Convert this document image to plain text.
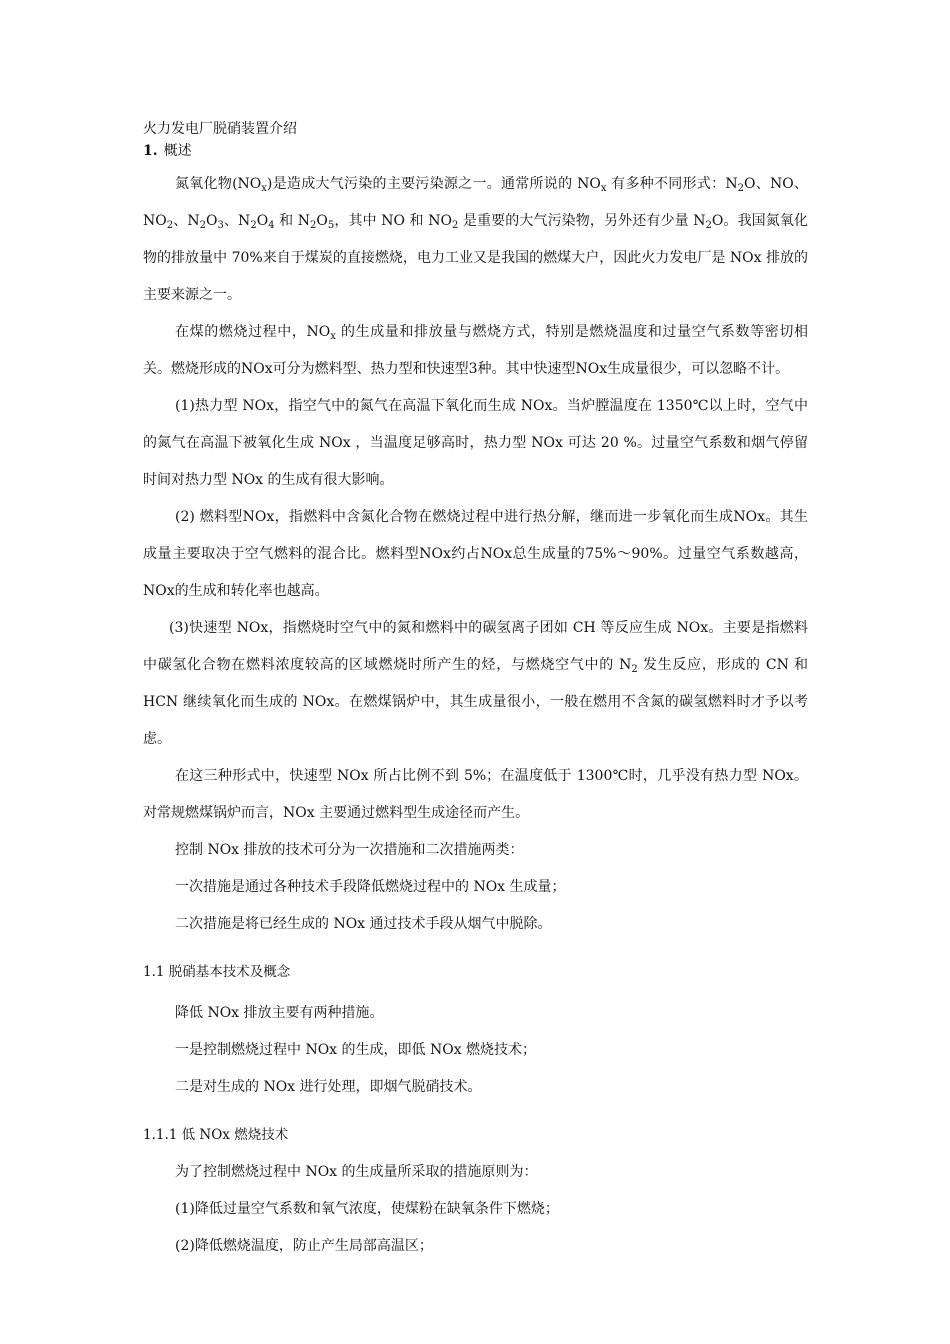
火力发电厂脱硝装置介绍
1. 概述

氮氧化物$(NO_x)$是造成大气污染的主要污染源之一。通常所说的 $NO_x$ 有多种不同形式：$N_2O$、NO、$NO_2$、$N_2O_3$、$N_2O_4$ 和 $N_2O_5$，其中 NO 和 $NO_2$ 是重要的大气污染物，另外还有少量 $N_2O$。我国氮氧化物的排放量中 70%来自于煤炭的直接燃烧，电力工业又是我国的燃煤大户，因此火力发电厂是 NOx 排放的主要来源之一。

在煤的燃烧过程中，$NO_x$ 的生成量和排放量与燃烧方式，特别是燃烧温度和过量空气系数等密切相关。燃烧形成的NOx可分为燃料型、热力型和快速型3种。其中快速型NOx生成量很少，可以忽略不计。

(1)热力型 NOx，指空气中的氮气在高温下氧化而生成 NOx。当炉膛温度在 1350℃以上时，空气中的氮气在高温下被氧化生成 NOx ，当温度足够高时，热力型 NOx 可达 20 %。过量空气系数和烟气停留时间对热力型 NOx 的生成有很大影响。

(2) 燃料型NOx，指燃料中含氮化合物在燃烧过程中进行热分解，继而进一步氧化而生成NOx。其生成量主要取决于空气燃料的混合比。燃料型NOx约占NOx总生成量的75%～90%。过量空气系数越高，NOx的生成和转化率也越高。

(3)快速型 NOx，指燃烧时空气中的氮和燃料中的碳氢离子团如 CH 等反应生成 NOx。主要是指燃料中碳氢化合物在燃料浓度较高的区域燃烧时所产生的烃，与燃烧空气中的 $N_2$ 发生反应，形成的 CN 和 HCN 继续氧化而生成的 NOx。在燃煤锅炉中，其生成量很小，一般在燃用不含氮的碳氢燃料时才予以考虑。

在这三种形式中，快速型 NOx 所占比例不到 5%；在温度低于 1300℃时，几乎没有热力型 NOx。对常规燃煤锅炉而言，NOx 主要通过燃料型生成途径而产生。

控制 NOx 排放的技术可分为一次措施和二次措施两类：

一次措施是通过各种技术手段降低燃烧过程中的 NOx 生成量；

二次措施是将已经生成的 NOx 通过技术手段从烟气中脱除。

1.1 脱硝基本技术及概念

降低 NOx 排放主要有两种措施。

一是控制燃烧过程中 NOx 的生成，即低 NOx 燃烧技术；

二是对生成的 NOx 进行处理，即烟气脱硝技术。

1.1.1 低 NOx 燃烧技术

为了控制燃烧过程中 NOx 的生成量所采取的措施原则为：

(1)降低过量空气系数和氧气浓度，使煤粉在缺氧条件下燃烧；

(2)降低燃烧温度，防止产生局部高温区；
